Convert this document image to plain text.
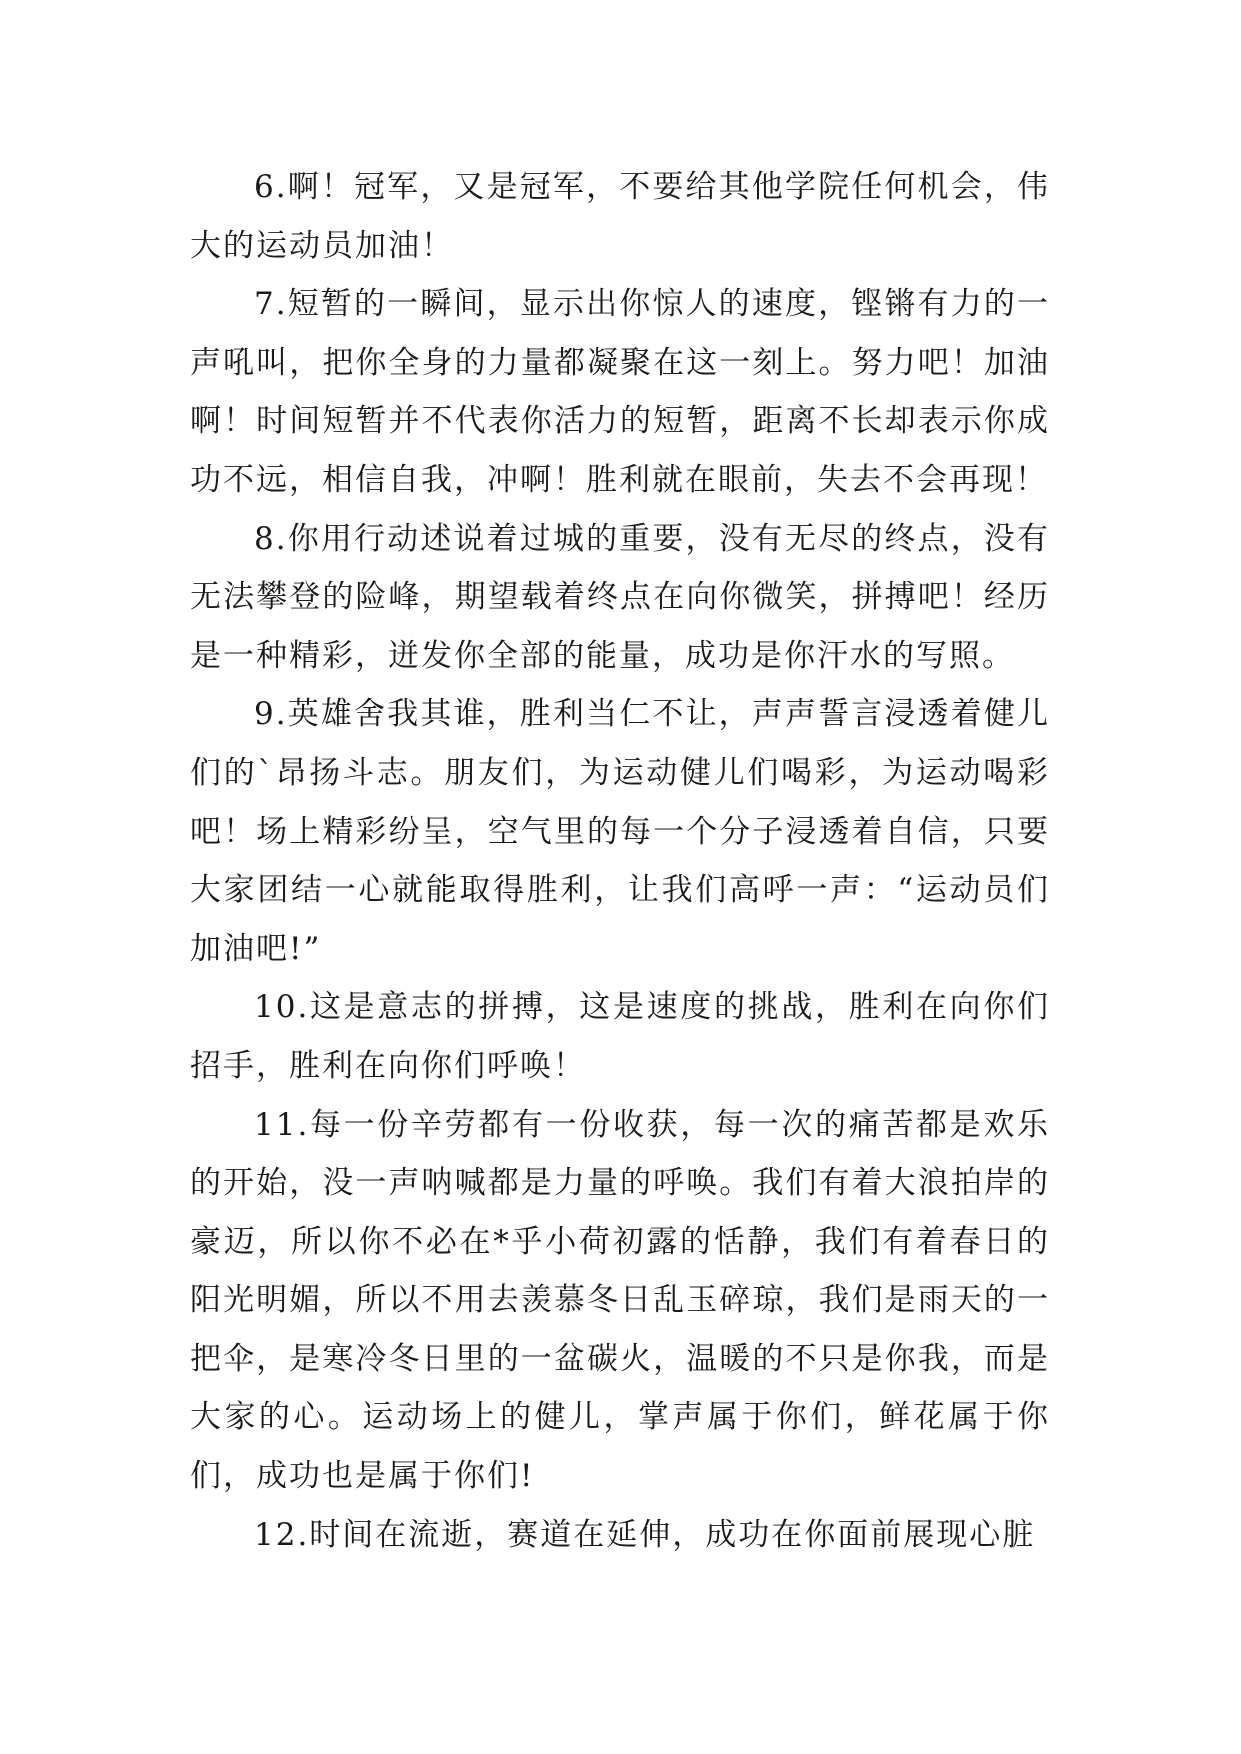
6.啊！冠军，又是冠军，不要给其他学院任何机会，伟大的运动员加油！

7.短暂的一瞬间，显示出你惊人的速度，铿锵有力的一声吼叫，把你全身的力量都凝聚在这一刻上。努力吧！加油啊！时间短暂并不代表你活力的短暂，距离不长却表示你成功不远，相信自我，冲啊！胜利就在眼前，失去不会再现！

8.你用行动述说着过城的重要，没有无尽的终点，没有无法攀登的险峰，期望载着终点在向你微笑，拼搏吧！经历是一种精彩，迸发你全部的能量，成功是你汗水的写照。

9.英雄舍我其谁，胜利当仁不让，声声誓言浸透着健儿们的`昂扬斗志。朋友们，为运动健儿们喝彩，为运动喝彩吧！场上精彩纷呈，空气里的每一个分子浸透着自信，只要大家团结一心就能取得胜利，让我们高呼一声：“运动员们加油吧!”

10.这是意志的拼搏，这是速度的挑战，胜利在向你们招手，胜利在向你们呼唤！

11.每一份辛劳都有一份收获，每一次的痛苦都是欢乐的开始，没一声呐喊都是力量的呼唤。我们有着大浪拍岸的豪迈，所以你不必在*乎小荷初露的恬静，我们有着春日的阳光明媚，所以不用去羡慕冬日乱玉碎琼，我们是雨天的一把伞，是寒冷冬日里的一盆碳火，温暖的不只是你我，而是大家的心。运动场上的健儿，掌声属于你们，鲜花属于你们，成功也是属于你们!

12.时间在流逝，赛道在延伸，成功在你面前展现心脏
